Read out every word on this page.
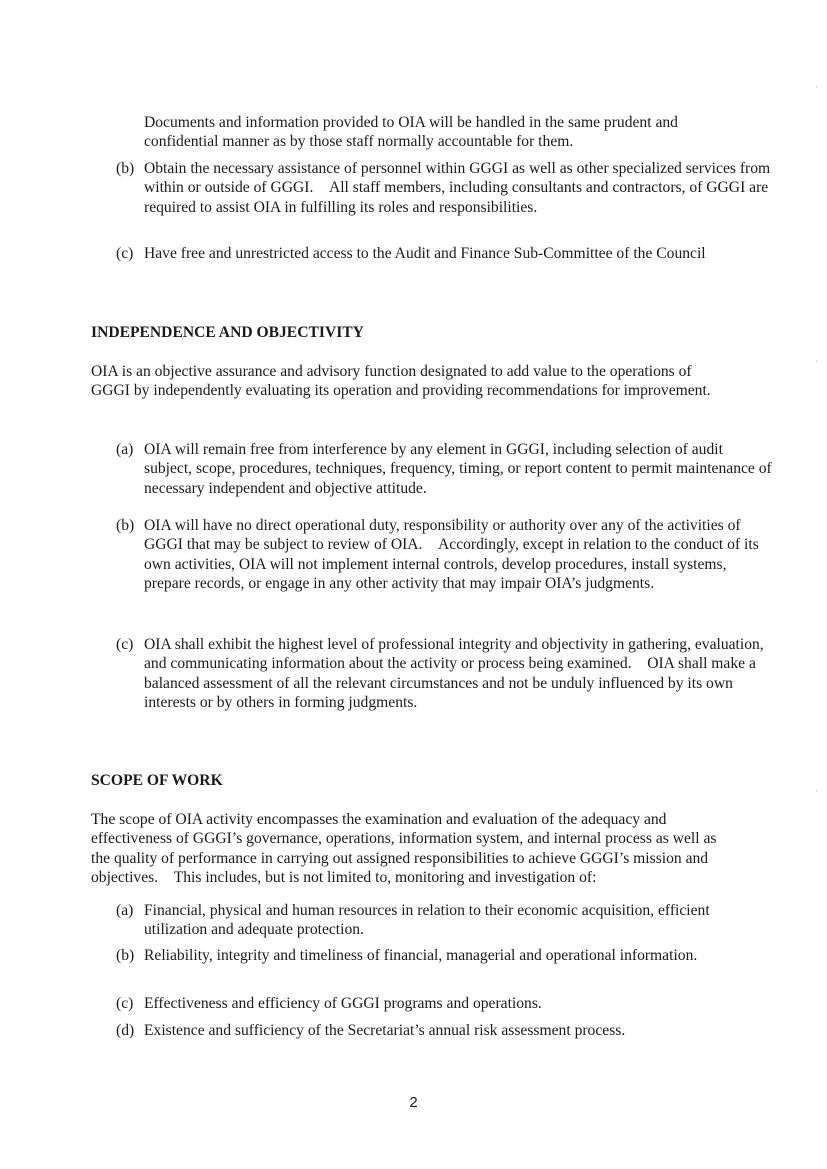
Documents and information provided to OIA will be handled in the same prudent and confidential manner as by those staff normally accountable for them.

(b) Obtain the necessary assistance of personnel within GGGI as well as other specialized services from within or outside of GGGI. All staff members, including consultants and contractors, of GGGI are required to assist OIA in fulfilling its roles and responsibilities.

(c) Have free and unrestricted access to the Audit and Finance Sub-Committee of the Council

INDEPENDENCE AND OBJECTIVITY

OIA is an objective assurance and advisory function designated to add value to the operations of GGGI by independently evaluating its operation and providing recommendations for improvement.

(a) OIA will remain free from interference by any element in GGGI, including selection of audit subject, scope, procedures, techniques, frequency, timing, or report content to permit maintenance of necessary independent and objective attitude.

(b) OIA will have no direct operational duty, responsibility or authority over any of the activities of GGGI that may be subject to review of OIA. Accordingly, except in relation to the conduct of its own activities, OIA will not implement internal controls, develop procedures, install systems, prepare records, or engage in any other activity that may impair OIA’s judgments.

(c) OIA shall exhibit the highest level of professional integrity and objectivity in gathering, evaluation, and communicating information about the activity or process being examined. OIA shall make a balanced assessment of all the relevant circumstances and not be unduly influenced by its own interests or by others in forming judgments.

SCOPE OF WORK

The scope of OIA activity encompasses the examination and evaluation of the adequacy and effectiveness of GGGI’s governance, operations, information system, and internal process as well as the quality of performance in carrying out assigned responsibilities to achieve GGGI’s mission and objectives. This includes, but is not limited to, monitoring and investigation of:

(a) Financial, physical and human resources in relation to their economic acquisition, efficient utilization and adequate protection.

(b) Reliability, integrity and timeliness of financial, managerial and operational information.

(c) Effectiveness and efficiency of GGGI programs and operations.

(d) Existence and sufficiency of the Secretariat’s annual risk assessment process.

2
